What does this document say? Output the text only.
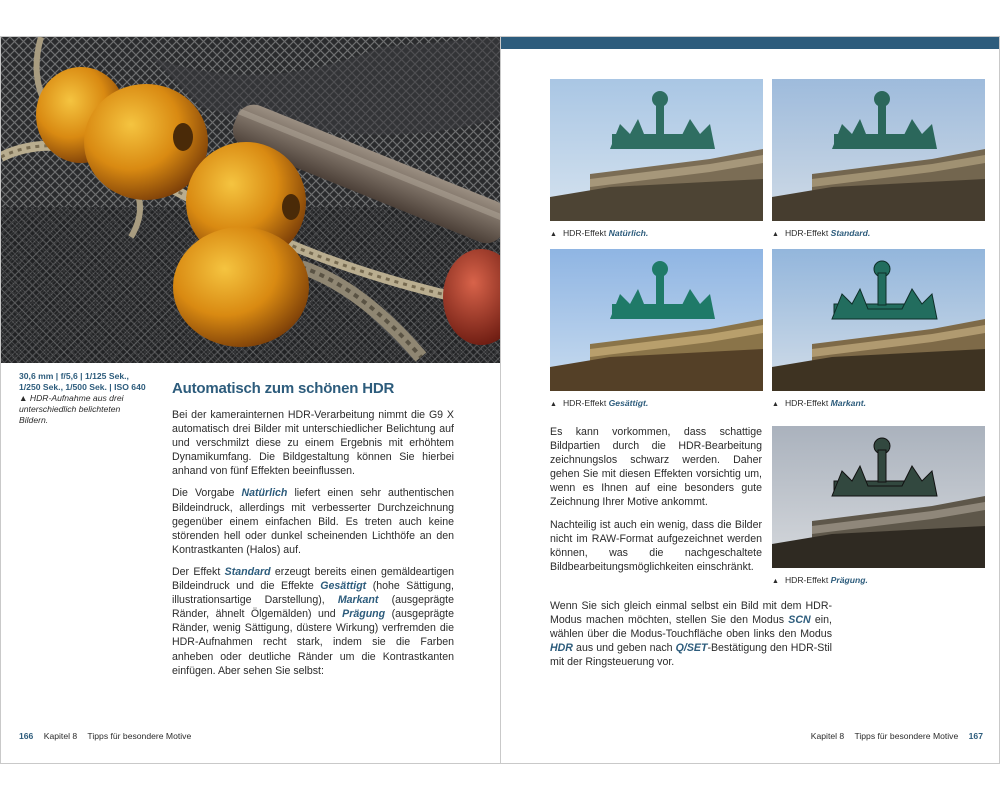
30,6 mm | f/5,6 | 1/125 Sek.,
1/250 Sek., 1/500 Sek. | ISO 640
▲ HDR-Aufnahme aus drei
unterschiedlich belichteten
Bildern.
Automatisch zum schönen HDR

Bei der kamerainternen HDR-Verarbeitung nimmt die G9 X automatisch drei Bilder mit unterschiedlicher Belichtung auf und verschmilzt diese zu einem Ergebnis mit erhöhtem Dynamikumfang. Die Bildgestaltung können Sie hierbei anhand von fünf Effekten beeinflussen.

Die Vorgabe Natürlich liefert einen sehr authentischen Bildeindruck, allerdings mit verbesserter Durchzeichnung gegenüber einem einfachen Bild. Es treten auch keine störenden hell oder dunkel scheinenden Lichthöfe an den Kontrastkanten (Halos) auf.

Der Effekt Standard erzeugt bereits einen gemäldeartigen Bildeindruck und die Effekte Gesättigt (hohe Sättigung, illustrationsartige Darstellung), Markant (ausgeprägte Ränder, ähnelt Ölgemälden) und Prägung (ausgeprägte Ränder, wenig Sättigung, düstere Wirkung) verfremden die HDR-Aufnahmen recht stark, indem sie die Farben anheben oder deutliche Ränder um die Kontrastkanten einfügen. Aber sehen Sie selbst:

166 Kapitel 8 Tipps für besondere Motive
▲ HDR-Effekt Natürlich.	▲ HDR-Effekt Standard.
▲ HDR-Effekt Gesättigt.	▲ HDR-Effekt Markant.
▲ HDR-Effekt Prägung.

Es kann vorkommen, dass schattige Bildpartien durch die HDR-Bearbeitung zeichnungslos schwarz werden. Daher gehen Sie mit diesen Effekten vorsichtig um, wenn es Ihnen auf eine besonders gute Zeichnung Ihrer Motive ankommt.

Nachteilig ist auch ein wenig, dass die Bilder nicht im RAW-Format aufgezeichnet werden können, was die nachgeschaltete Bildbearbeitungsmöglichkeiten einschränkt.

Wenn Sie sich gleich einmal selbst ein Bild mit dem HDR-Modus machen möchten, stellen Sie den Modus SCN ein, wählen über die Modus-Touchfläche oben links den Modus HDR aus und geben nach Q/SET-Bestätigung den HDR-Stil mit der Ringsteuerung vor.

Kapitel 8 Tipps für besondere Motive 167
